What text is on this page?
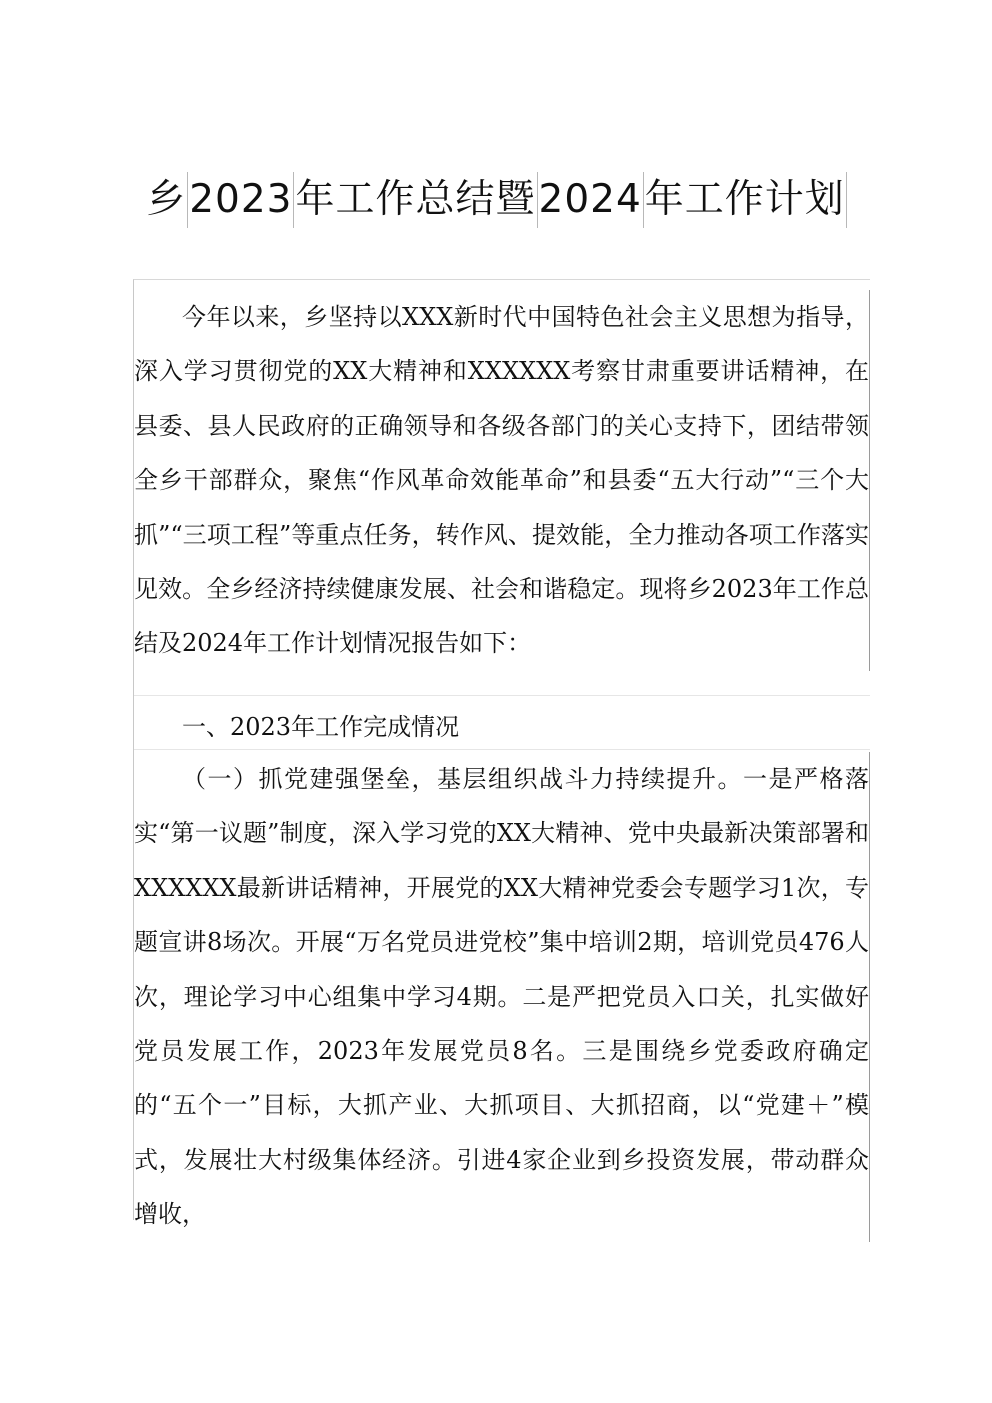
乡2023年工作总结暨2024年工作计划

今年以来，乡坚持以XXX新时代中国特色社会主义思想为指导，深入学习贯彻党的XX大精神和XXXXXX考察甘肃重要讲话精神，在县委、县人民政府的正确领导和各级各部门的关心支持下，团结带领全乡干部群众，聚焦“作风革命效能革命”和县委“五大行动”“三个大抓”“三项工程”等重点任务，转作风、提效能，全力推动各项工作落实见效。全乡经济持续健康发展、社会和谐稳定。现将乡2023年工作总结及2024年工作计划情况报告如下：

一、2023年工作完成情况

（一）抓党建强堡垒，基层组织战斗力持续提升。一是严格落实“第一议题”制度，深入学习党的XX大精神、党中央最新决策部署和XXXXXX最新讲话精神，开展党的XX大精神党委会专题学习1次，专题宣讲8场次。开展“万名党员进党校”集中培训2期，培训党员476人次，理论学习中心组集中学习4期。二是严把党员入口关，扎实做好党员发展工作，2023年发展党员8名。三是围绕乡党委政府确定的“五个一”目标，大抓产业、大抓项目、大抓招商，以“党建＋”模式，发展壮大村级集体经济。引进4家企业到乡投资发展，带动群众增收，
